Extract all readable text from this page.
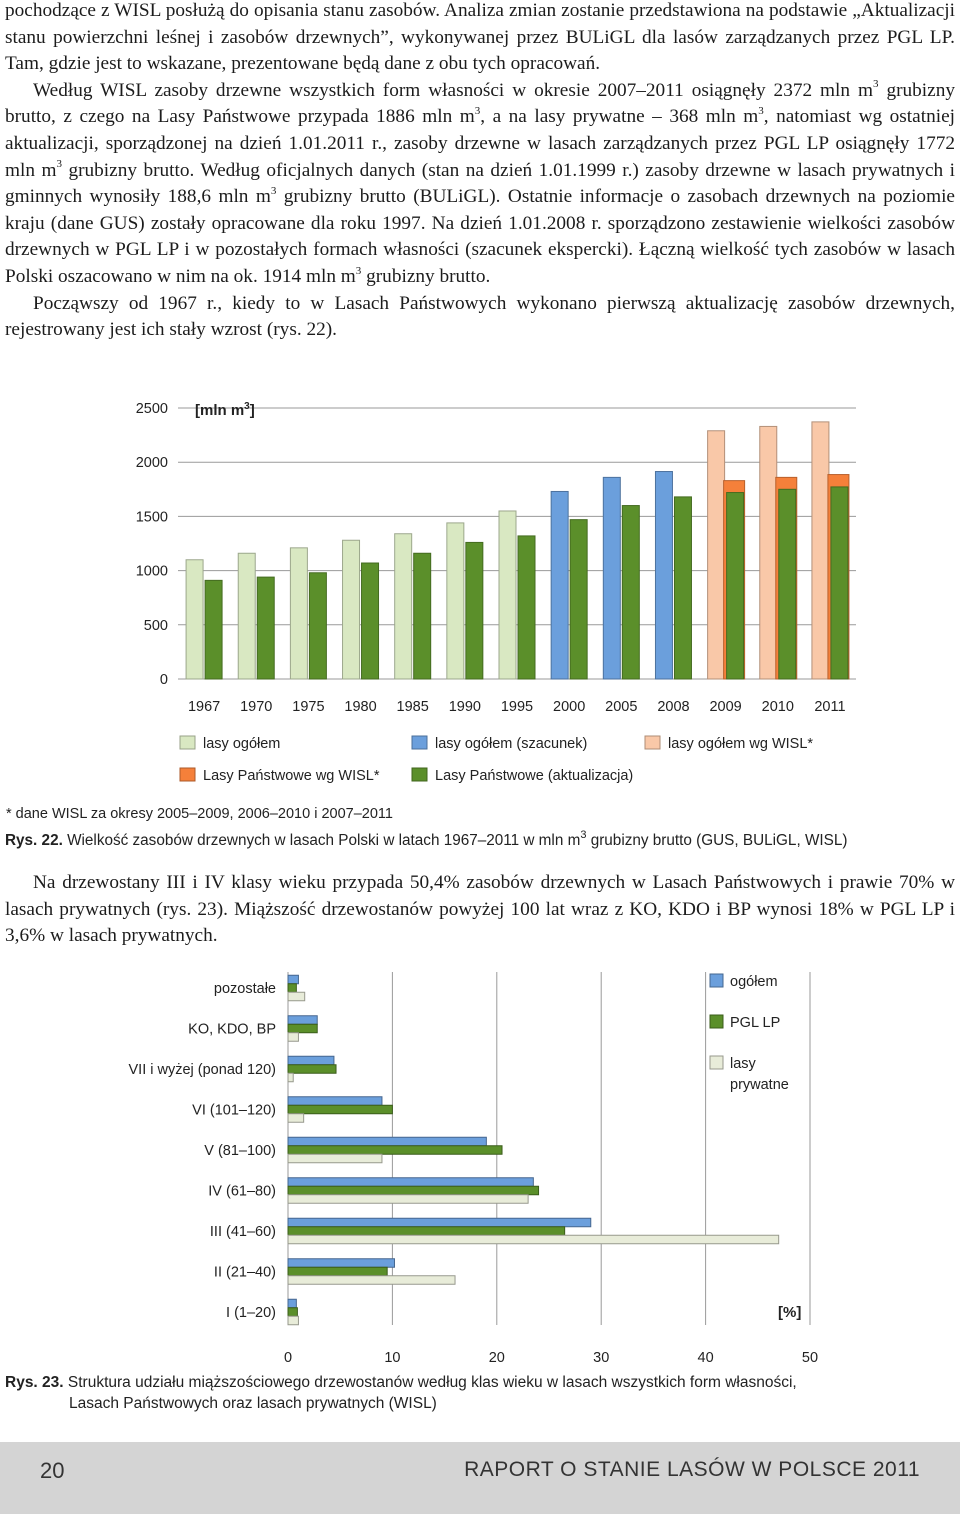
pochodzące z WISL posłużą do opisania stanu zasobów. Analiza zmian zostanie przedstawiona na podstawie „Aktualizacji stanu powierzchni leśnej i zasobów drzewnych”, wykonywanej przez BULiGL dla lasów zarządzanych przez PGL LP. Tam, gdzie jest to wskazane, prezentowane będą dane z obu tych opracowań.

Według WISL zasoby drzewne wszystkich form własności w okresie 2007–2011 osiągnęły 2372 mln $m^3$ grubizny brutto, z czego na Lasy Państwowe przypada 1886 mln $m^3$, a na lasy prywatne – 368 mln $m^3$, natomiast wg ostatniej aktualizacji, sporządzonej na dzień 1.01.2011 r., zasoby drzewne w lasach zarządzanych przez PGL LP osiągnęły 1772 mln $m^3$ grubizny brutto. Według oficjalnych danych (stan na dzień 1.01.1999 r.) zasoby drzewne w lasach prywatnych i gminnych wynosiły 188,6 mln $m^3$ grubizny brutto (BULiGL). Ostatnie informacje o zasobach drzewnych na poziomie kraju (dane GUS) zostały opracowane dla roku 1997. Na dzień 1.01.2008 r. sporządzono zestawienie wielkości zasobów drzewnych w PGL LP i w pozostałych formach własności (szacunek ekspercki). Łączną wielkość tych zasobów w lasach Polski oszacowano w nim na ok. 1914 mln $m^3$ grubizny brutto.

Począwszy od 1967 r., kiedy to w Lasach Państwowych wykonano pierwszą aktualizację zasobów drzewnych, rejestrowany jest ich stały wzrost (rys. 22).

0
500
1000
1500
2000
2500
1967 1970 1975 1980 1985 1990 1995 2000 2005 2008 2009 2010 2011
[mln $m^3$]
lasy ogółem	lasy ogółem (szacunek)	lasy ogółem wg WISL*
Lasy Państwowe wg WISL*	Lasy Państwowe (aktualizacja)
* dane WISL za okresy 2005–2009, 2006–2010 i 2007–2011
Rys. 22. Wielkość zasobów drzewnych w lasach Polski w latach 1967–2011 w mln $m^3$ grubizny brutto (GUS, BULiGL, WISL)

Na drzewostany III i IV klasy wieku przypada 50,4% zasobów drzewnych w Lasach Państwowych i prawie 70% w lasach prywatnych (rys. 23). Miąższość drzewostanów powyżej 100 lat wraz z KO, KDO i BP wynosi 18% w PGL LP i 3,6% w lasach prywatnych.

pozostałe
KO, KDO, BP
VII i wyżej (ponad 120)
VI (101–120)
V (81–100)
IV (61–80)
III (41–60)
II (21–40)
I (1–20)
0	10	20	30	40	50
ogółem
PGL LP
lasy prywatne
[%]
Rys. 23. Struktura udziału miąższościowego drzewostanów według klas wieku w lasach wszystkich form własności,
Lasach Państwowych oraz lasach prywatnych (WISL)
20	RAPORT O STANIE LASÓW W POLSCE 2011
